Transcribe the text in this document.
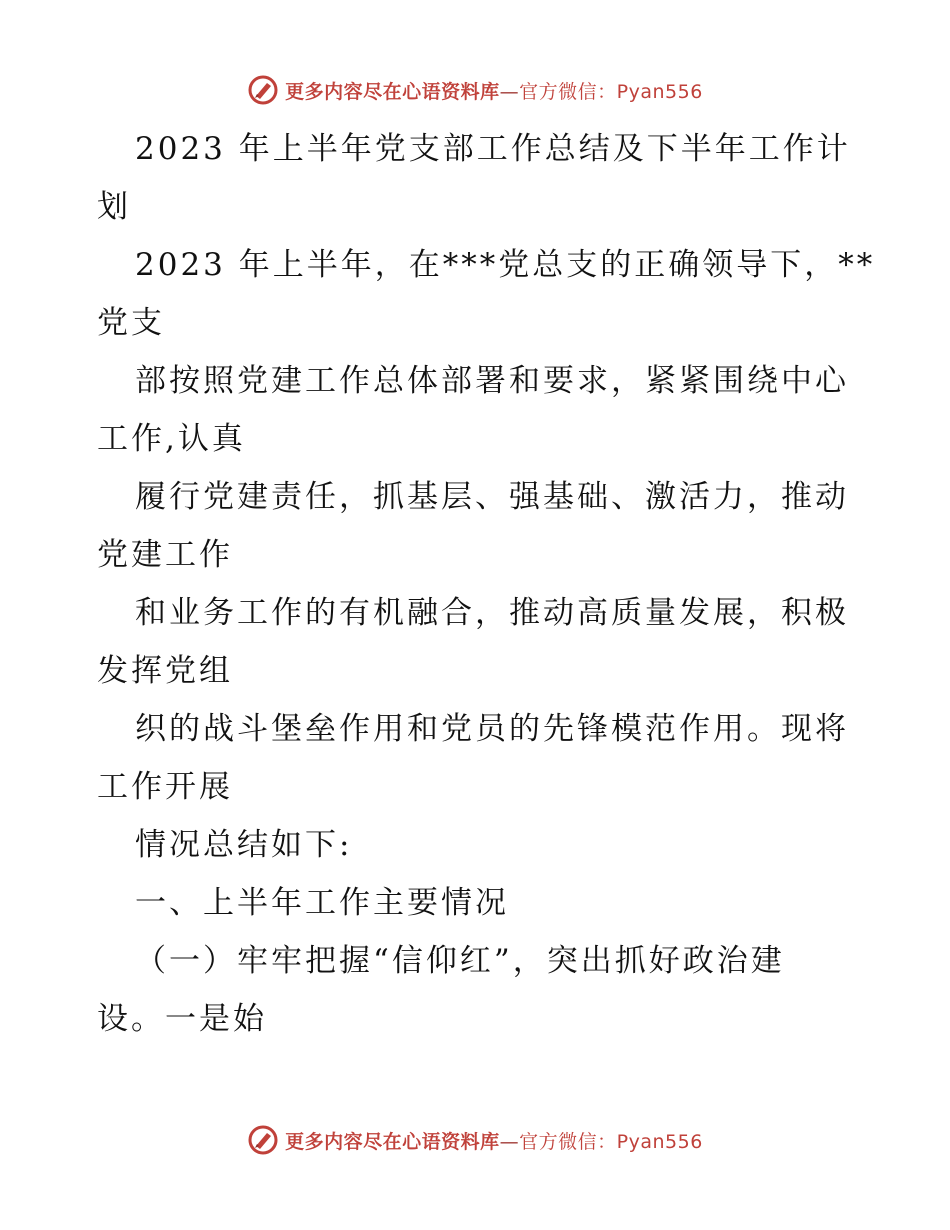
更多内容尽在心语资料库—官方微信：Pyan556
2023 年上半年党支部工作总结及下半年工作计
划
2023 年上半年，在***党总支的正确领导下，**
党支
部按照党建工作总体部署和要求，紧紧围绕中心
工作,认真
履行党建责任，抓基层、强基础、激活力，推动
党建工作
和业务工作的有机融合，推动高质量发展，积极
发挥党组
织的战斗堡垒作用和党员的先锋模范作用。现将
工作开展
情况总结如下:
一、上半年工作主要情况
（一）牢牢把握“信仰红”，突出抓好政治建
设。一是始
更多内容尽在心语资料库—官方微信：Pyan556
